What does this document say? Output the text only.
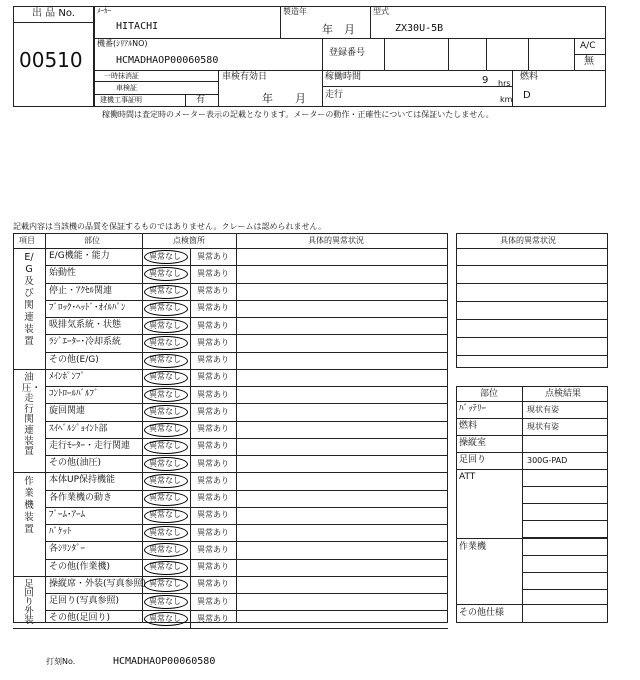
出 品 No.
00510
ﾒｰｶｰ
HITACHI
製造年
年　月
型式
ZX30U-5B
機番(ｼﾘｱﾙNO)
HCMADHAOP00060580
登録番号
A/C
無
一時抹消証
車検証
建機工事証明	有
車検有効日
年　　月
稼働時間	9 hrs
走行	km
燃料
D
稼働時間は査定時のメーター表示の記載となります。メーターの動作・正確性については保証いたしません。
記載内容は当該機の品質を保証するものではありません。クレームは認められません。
項目	部位	点検箇所	具体的異常状況
E/G機能・能力	異常なし 異常あり
始動性	異常なし 異常あり
停止・ｱｸｾﾙ関連	異常なし 異常あり
ﾌﾞﾛｯｸ･ﾍｯﾄﾞ･ｵｲﾙﾊﾟﾝ	異常なし 異常あり
吸排気系統・状態	異常なし 異常あり
ﾗｼﾞｴｰﾀｰ･冷却系統	異常なし 異常あり
その他(E/G)	異常なし 異常あり
E/G及び関連装置
ﾒｲﾝﾎﾟﾝﾌﾟ	異常なし 異常あり
ｺﾝﾄﾛｰﾙﾊﾞﾙﾌﾞ	異常なし 異常あり
旋回関連	異常なし 異常あり
ｽｲﾍﾞﾙｼﾞｮｲﾝﾄ部	異常なし 異常あり
走行ﾓｰﾀｰ・走行関連 異常なし 異常あり
その他(油圧)	異常なし 異常あり
油圧・走行関連装置
本体UP保持機能	異常なし 異常あり
各作業機の動き	異常なし 異常あり
ﾌﾞｰﾑ･ｱｰﾑ	異常なし 異常あり
ﾊﾞｹｯﾄ	異常なし 異常あり
各ｼﾘﾝﾀﾞｰ	異常なし 異常あり
その他(作業機)	異常なし 異常あり
作業機装置
操縦席・外装(写真参照) 異常なし 異常あり
足回り(写真参照)	異常なし 異常あり
その他(足回り)	異常なし 異常あり
足回り外装
具体的異常状況
部位	点検結果
ﾊﾞｯﾃﾘｰ	現状有姿
燃料	現状有姿
操縦室
足回り	300G-PAD
ATT
作業機
その他仕様
打刻No.	HCMADHAOP00060580
